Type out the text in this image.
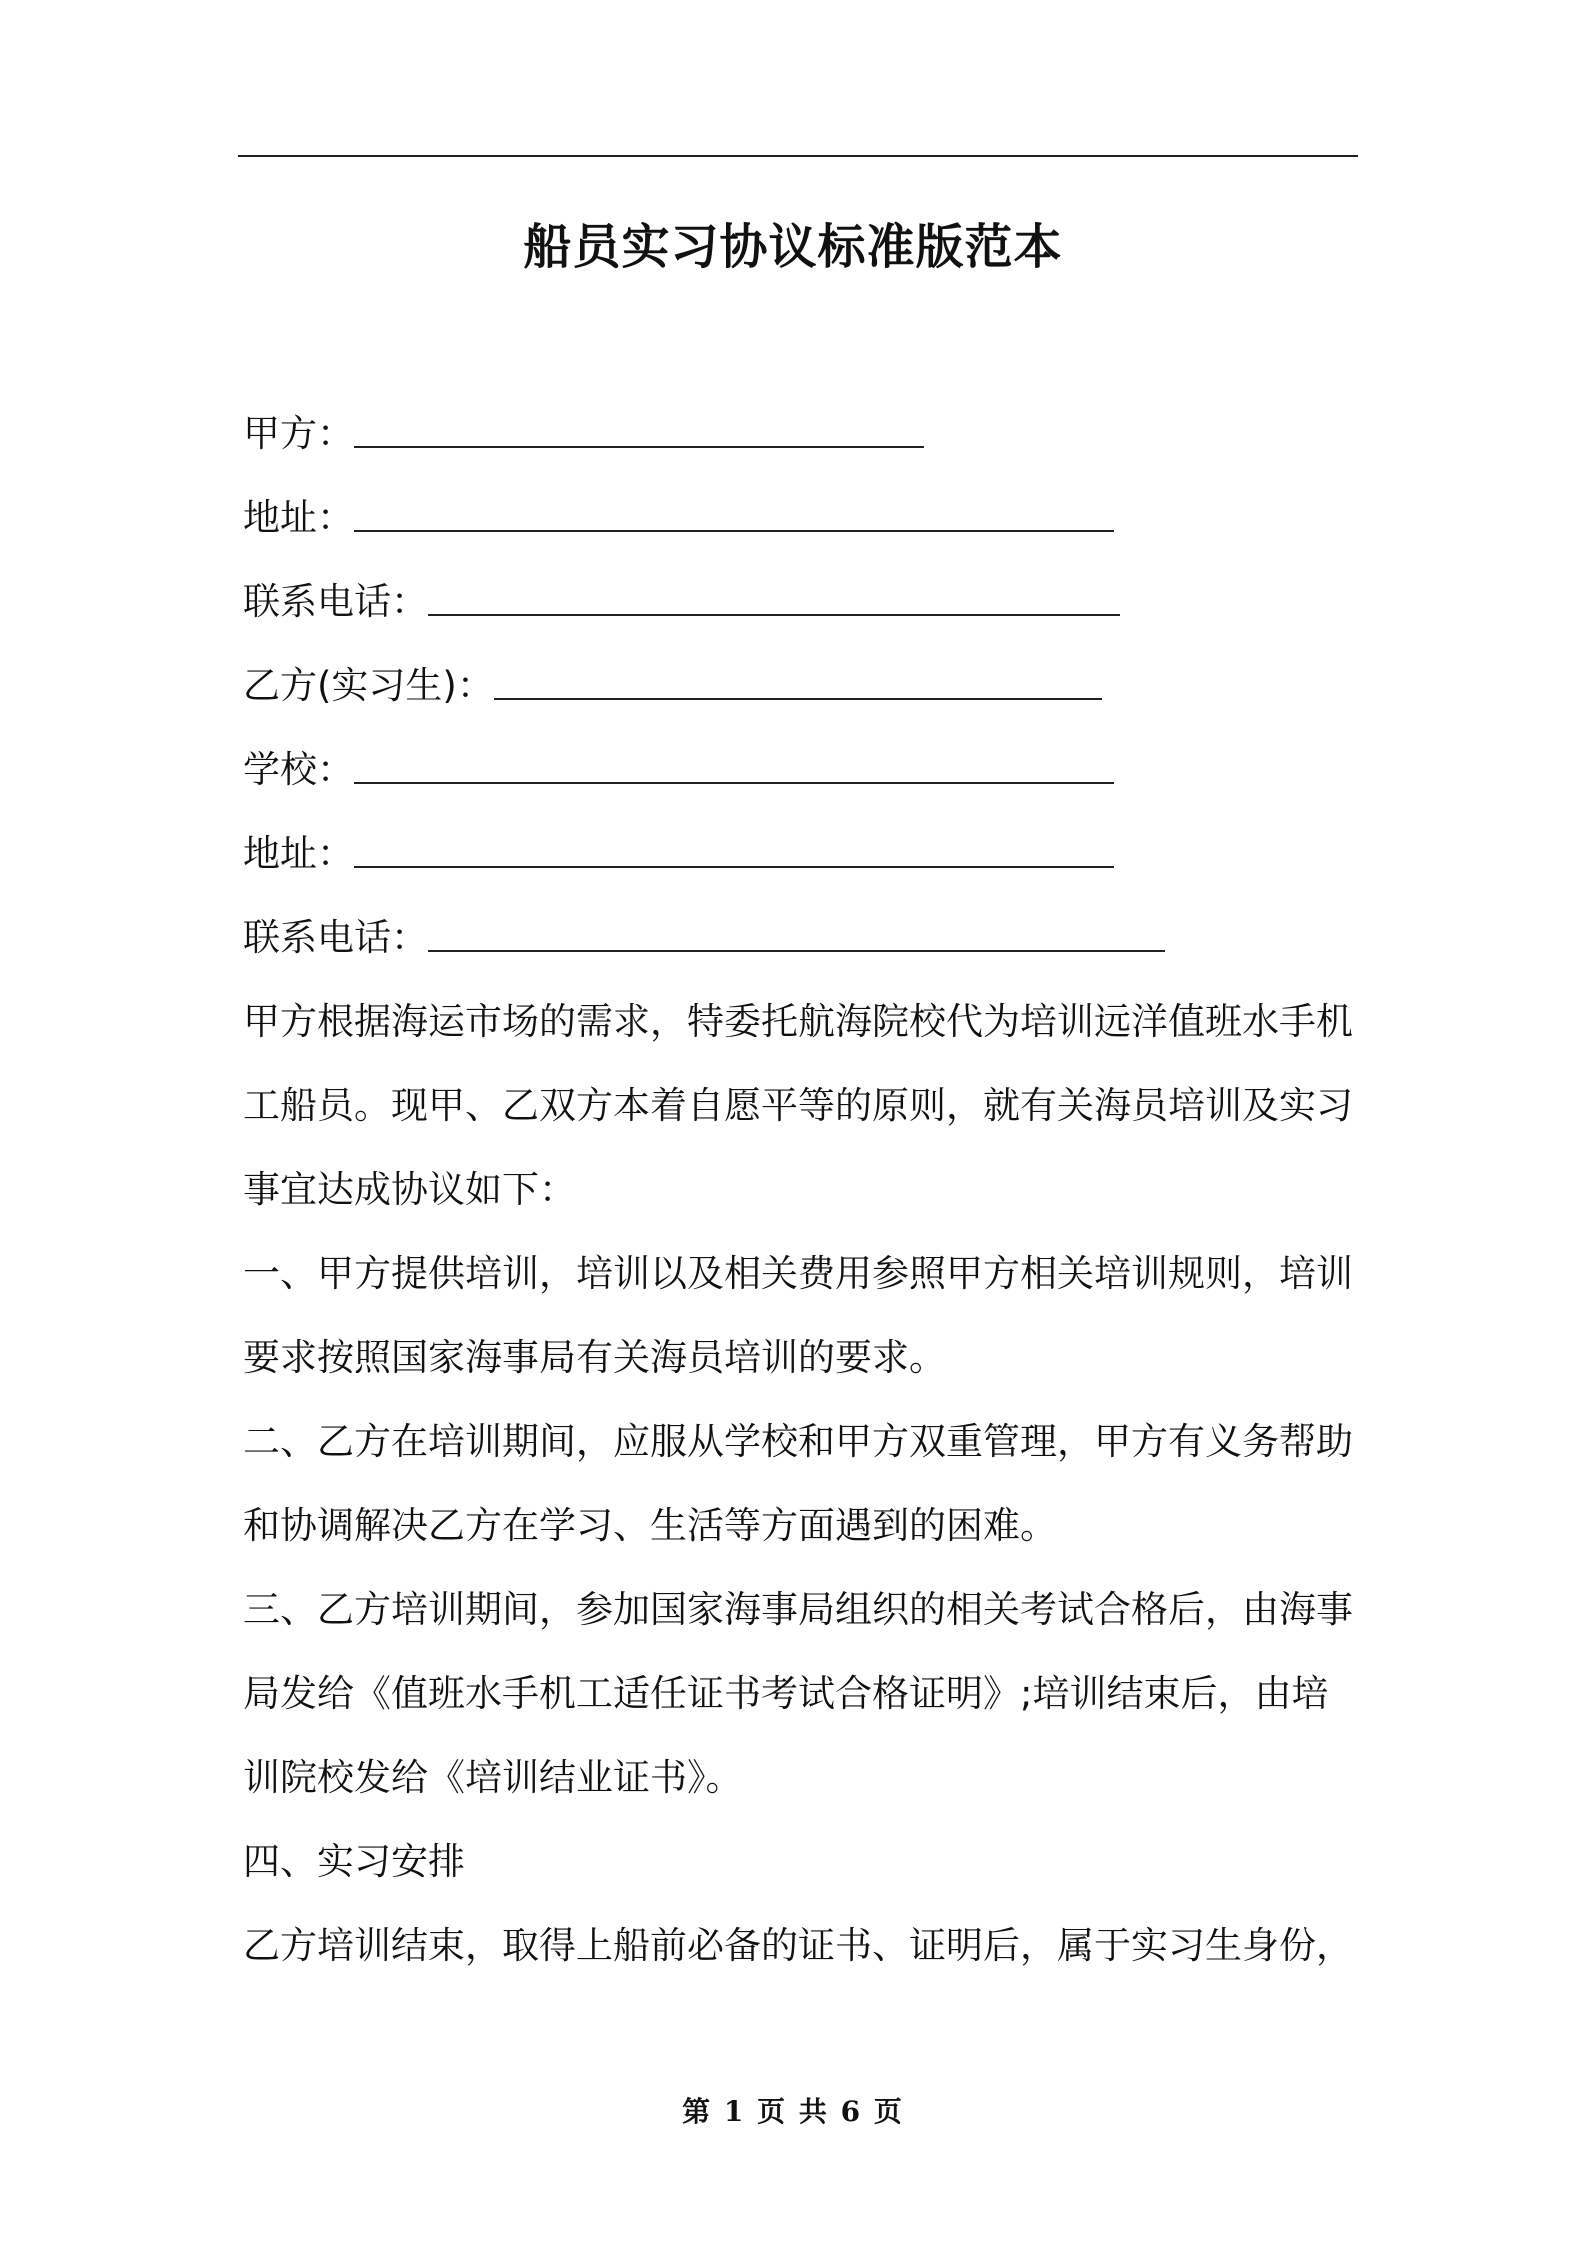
船员实习协议标准版范本
甲方：
地址：
联系电话：
乙方(实习生)：
学校：
地址：
联系电话：
甲方根据海运市场的需求，特委托航海院校代为培训远洋值班水手机
工船员。现甲、乙双方本着自愿平等的原则，就有关海员培训及实习
事宜达成协议如下：
一、甲方提供培训，培训以及相关费用参照甲方相关培训规则，培训
要求按照国家海事局有关海员培训的要求。
二、乙方在培训期间，应服从学校和甲方双重管理，甲方有义务帮助
和协调解决乙方在学习、生活等方面遇到的困难。
三、乙方培训期间，参加国家海事局组织的相关考试合格后，由海事
局发给《值班水手机工适任证书考试合格证明》;培训结束后，由培
训院校发给《培训结业证书》。
四、实习安排
乙方培训结束，取得上船前必备的证书、证明后，属于实习生身份，
第 1 页 共 6 页
